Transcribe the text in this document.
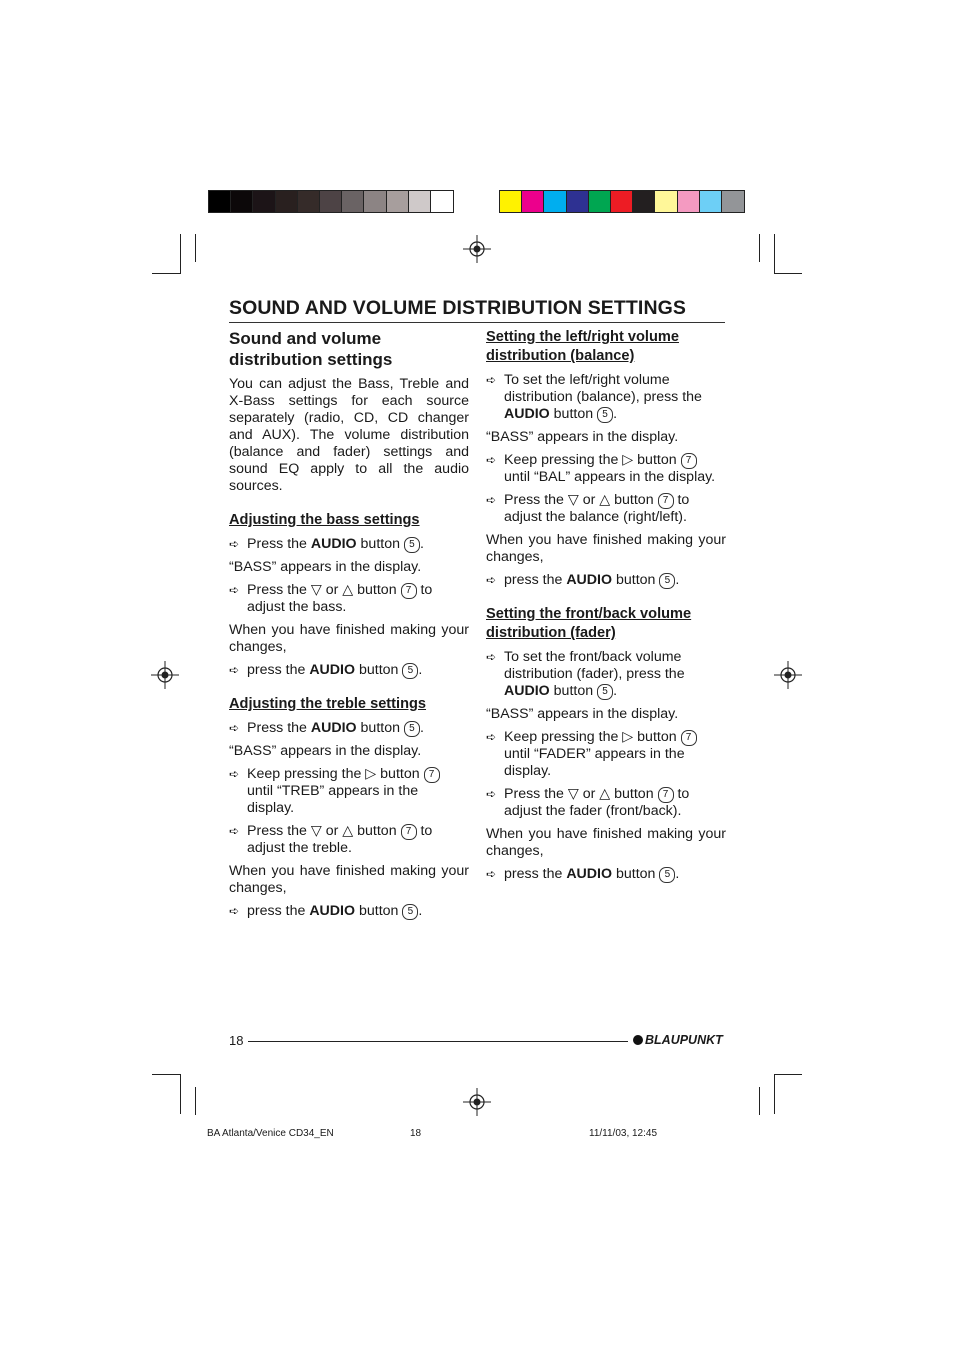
SOUND AND VOLUME DISTRIBUTION SETTINGS
Sound and volume distribution settings

You can adjust the Bass, Treble and X-Bass settings for each source separately (radio, CD, CD changer and AUX). The volume distribution (balance and fader) settings and sound EQ apply to all the audio sources.

Adjusting the bass settings
➪ Press the AUDIO button 5 .

“BASS” appears in the display.

➪ Press the ▽ or △ button 7 to adjust the bass.

When you have finished making your changes,

➪ press the AUDIO button 5 .
Adjusting the treble settings
➪ Press the AUDIO button 5 .

“BASS” appears in the display.

➪ Keep pressing the ▷ button 7 until “TREB” appears in the display.
➪ Press the ▽ or △ button 7 to adjust the treble.

When you have finished making your changes,

➪ press the AUDIO button 5 .
Setting the left/right volume distribution (balance)
➪ To set the left/right volume distribution (balance), press the AUDIO button 5 .

“BASS” appears in the display.

➪ Keep pressing the ▷ button 7 until “BAL” appears in the display.
➪ Press the ▽ or △ button 7 to adjust the balance (right/left).

When you have finished making your changes,

➪ press the AUDIO button 5 .
Setting the front/back volume distribution (fader)
➪ To set the front/back volume distribution (fader), press the AUDIO button 5 .

“BASS” appears in the display.

➪ Keep pressing the ▷ button 7 until “FADER” appears in the display.
➪ Press the ▽ or △ button 7 to adjust the fader (front/back).

When you have finished making your changes,

➪ press the AUDIO button 5 .
18	BLAUPUNKT
BA Atlanta/Venice CD34_EN	18	11/11/03, 12:45
